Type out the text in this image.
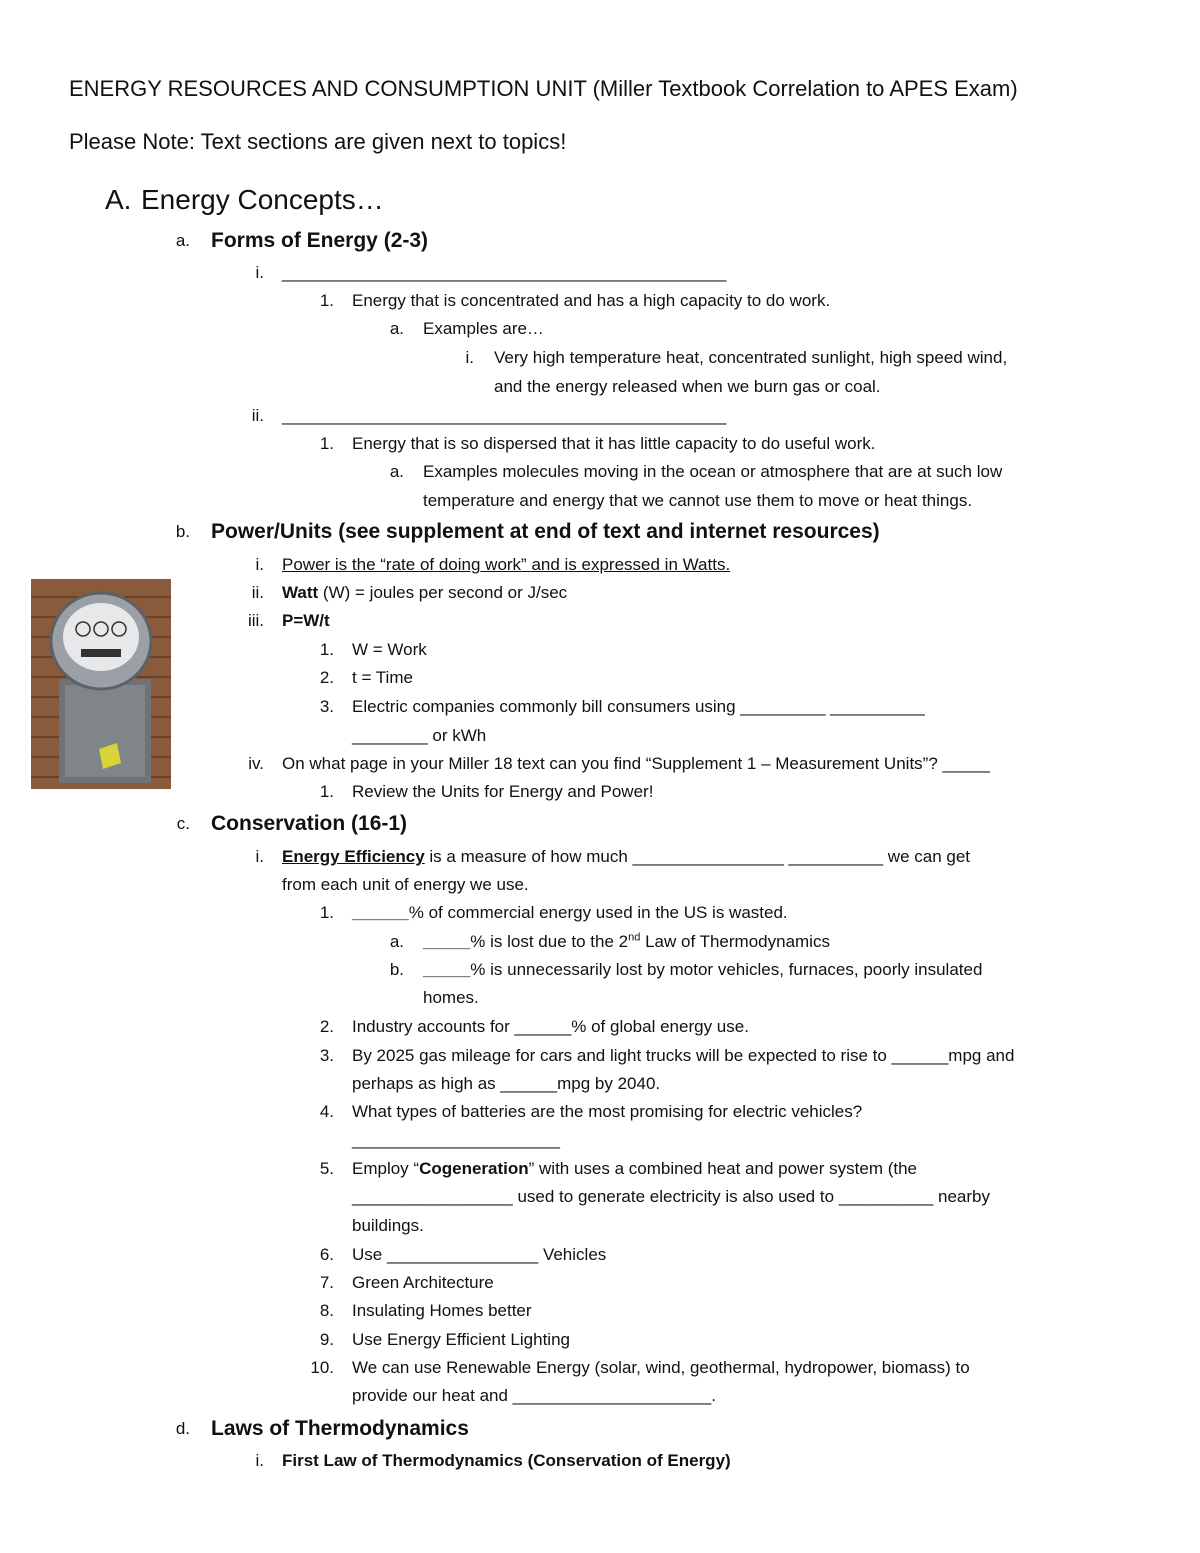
ENERGY RESOURCES AND CONSUMPTION UNIT (Miller Textbook Correlation to APES Exam)
Please Note: Text sections are given next to topics!
A. Energy Concepts…
a. Forms of Energy (2-3)
i. _______________________________________________
1. Energy that is concentrated and has a high capacity to do work.
a. Examples are…
i. Very high temperature heat, concentrated sunlight, high speed wind,
and the energy released when we burn gas or coal.
ii. _______________________________________________
1. Energy that is so dispersed that it has little capacity to do useful work.
a. Examples molecules moving in the ocean or atmosphere that are at such low
temperature and energy that we cannot use them to move or heat things.
b. Power/Units (see supplement at end of text and internet resources)
i. Power is the “rate of doing work” and is expressed in Watts.
ii. Watt (W) = joules per second or J/sec
iii. P=W/t
1. W = Work
2. t = Time
3. Electric companies commonly bill consumers using _________ __________
________ or kWh
iv. On what page in your Miller 18 text can you find “Supplement 1 – Measurement Units”? _____
1. Review the Units for Energy and Power!
c. Conservation (16-1)
i. Energy Efficiency is a measure of how much ________________ __________ we can get
from each unit of energy we use.
1. ______% of commercial energy used in the US is wasted.
a. _____% is lost due to the 2nd Law of Thermodynamics
b. _____% is unnecessarily lost by motor vehicles, furnaces, poorly insulated
homes.
2. Industry accounts for ______% of global energy use.
3. By 2025 gas mileage for cars and light trucks will be expected to rise to ______mpg and
perhaps as high as ______mpg by 2040.
4. What types of batteries are the most promising for electric vehicles?
______________________
5. Employ “Cogeneration” with uses a combined heat and power system (the
_________________ used to generate electricity is also used to __________ nearby
buildings.
6. Use ________________ Vehicles
7. Green Architecture
8. Insulating Homes better
9. Use Energy Efficient Lighting
10. We can use Renewable Energy (solar, wind, geothermal, hydropower, biomass) to
provide our heat and _____________________.
d. Laws of Thermodynamics
i. First Law of Thermodynamics (Conservation of Energy)
